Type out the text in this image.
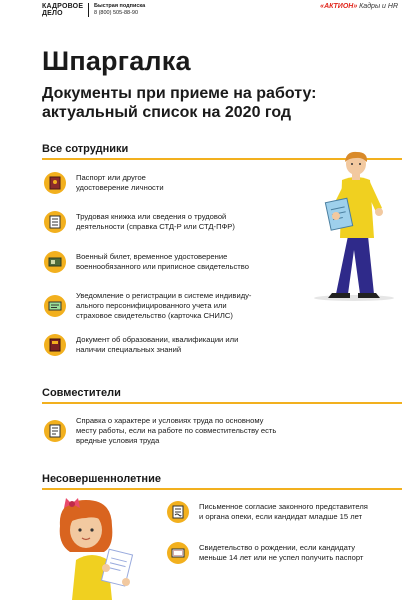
КАДРОВОЕ
ДЕЛО
Быстрая подписка
8 (800) 505-88-90
«АКТИОН» Кадры и HR
Шпаргалка
Документы при приеме на работу:
актуальный список на 2020 год
Все сотрудники
Паспорт или другое
удостоверение личности
Трудовая книжка или сведения о трудовой
деятельности (справка СТД-Р или СТД-ПФР)
Военный билет, временное удостоверение
военнообязанного или приписное свидетельство
Уведомление о регистрации в системе индивиду-
ального персонифицированного учета или
страховое свидетельство (карточка СНИЛС)
Документ об образовании, квалификации или
наличии специальных знаний
Совместители
Справка о характере и условиях труда по основному
месту работы, если на работе по совместительству есть
вредные условия труда
Несовершеннолетние
Письменное согласие законного представителя
и органа опеки, если кандидат младше 15 лет
Свидетельство о рождении, если кандидату
меньше 14 лет или не успел получить паспорт
